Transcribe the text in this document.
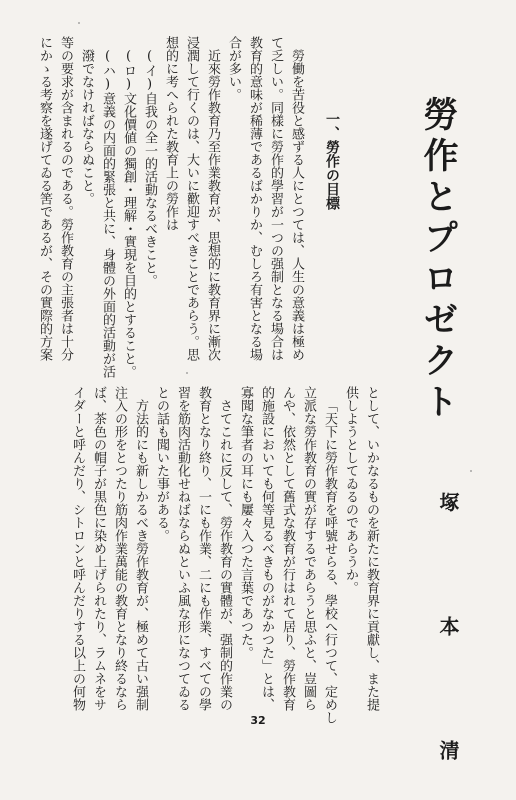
勞作とプロゼクト
塚 本 清
一、勞作の目標

勞働を苦役と感ずる人にとつては、人生の意義は極め

て乏しい。同樣に勞作的學習が一つの强制となる場合は

教育的意味が稀薄であるばかりか、むしろ有害となる場

合が多い。

近來勞作教育乃至作業教育が、思想的に教育界に漸次

浸潤して行くのは、大いに歡迎すべきことであらう。思

想的に考へられた教育上の勞作は

(イ)自我の全一的活動なるべきこと。

(ロ)文化價値の獨創・理解・實現を目的とすること。

(ハ)意義の内面的緊張と共に、身體の外面的活動が活

潑でなければならぬこと。

等の要求が含まれるのである。勞作教育の主張者は十分

にかゝる考察を遂げてゐる筈であるが、その實際的方案

として、いかなるものを新たに教育界に貢獻し、また提

供しようとしてゐるのであらうか。

「天下に勞作教育を呼號せらる、學校へ行つて、定めし

立派な勞作教育の實が存するであらうと思ふと、豈圖ら

んや、依然として舊式な教育が行はれて居り、勞作教育

的施設においても何等見るべきものがなかつた」とは、

寡聞な筆者の耳にも屢々入つた言葉であつた。

さてこれに反して、勞作教育の實體が、强制的作業の

教育となり終り、一にも作業、二にも作業、すべての學

習を筋肉活動化せねばならぬといふ風な形になつてゐる

との話も聞いた事がある。

方法的にも新しかるべき勞作教育が、極めて古い强制

注入の形をとつたり筋肉作業萬能の教育となり終るなら

ば、茶色の帽子が黒色に染め上げられたり、ラムネをサ

イダーと呼んだり、シトロンと呼んだりする以上の何物

32
